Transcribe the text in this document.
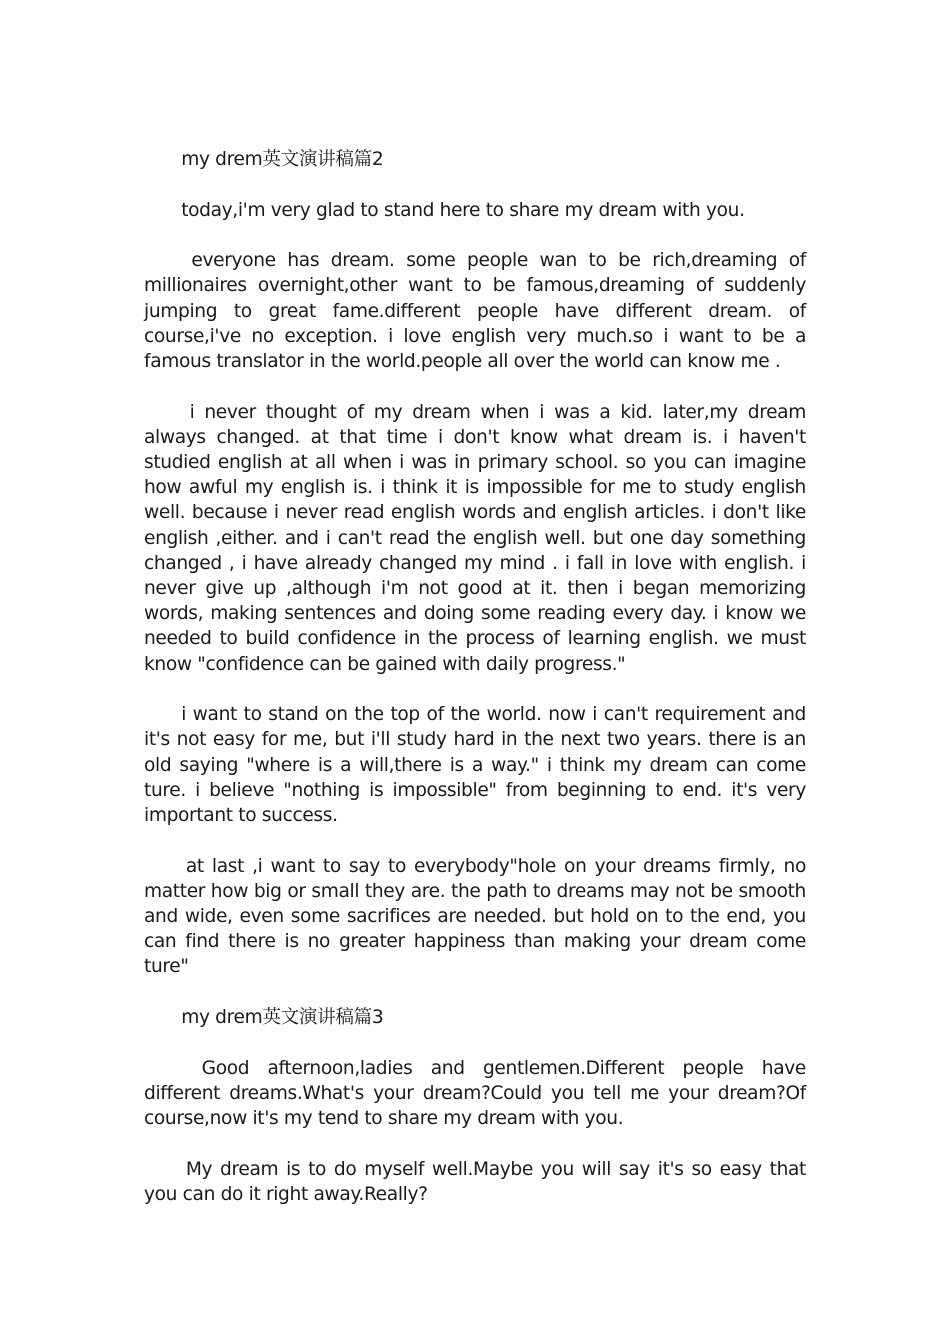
my drem英文演讲稿篇2

today,i'm very glad to stand here to share my dream with you.

everyone has dream. some people wan to be rich,dreaming of millionaires overnight,other want to be famous,dreaming of suddenly jumping to great fame.different people have different dream. of course,i've no exception. i love english very much.so i want to be a famous translator in the world.people all over the world can know me .

i never thought of my dream when i was a kid. later,my dream always changed. at that time i don't know what dream is. i haven't studied english at all when i was in primary school. so you can imagine how awful my english is. i think it is impossible for me to study english well. because i never read english words and english articles. i don't like english ,either. and i can't read the english well. but one day something changed , i have already changed my mind . i fall in love with english. i never give up ,although i'm not good at it. then i began memorizing words, making sentences and doing some reading every day. i know we needed to build confidence in the process of learning english. we must know "confidence can be gained with daily progress."

i want to stand on the top of the world. now i can't requirement and it's not easy for me, but i'll study hard in the next two years. there is an old saying "where is a will,there is a way." i think my dream can come ture. i believe "nothing is impossible" from beginning to end. it's very important to success.

at last ,i want to say to everybody"hole on your dreams firmly, no matter how big or small they are. the path to dreams may not be smooth and wide, even some sacrifices are needed. but hold on to the end, you can find there is no greater happiness than making your dream come ture"

my drem英文演讲稿篇3

Good afternoon,ladies and gentlemen.Different people have different dreams.What's your dream?Could you tell me your dream?Of course,now it's my tend to share my dream with you.

My dream is to do myself well.Maybe you will say it's so easy that you can do it right away.Really?
